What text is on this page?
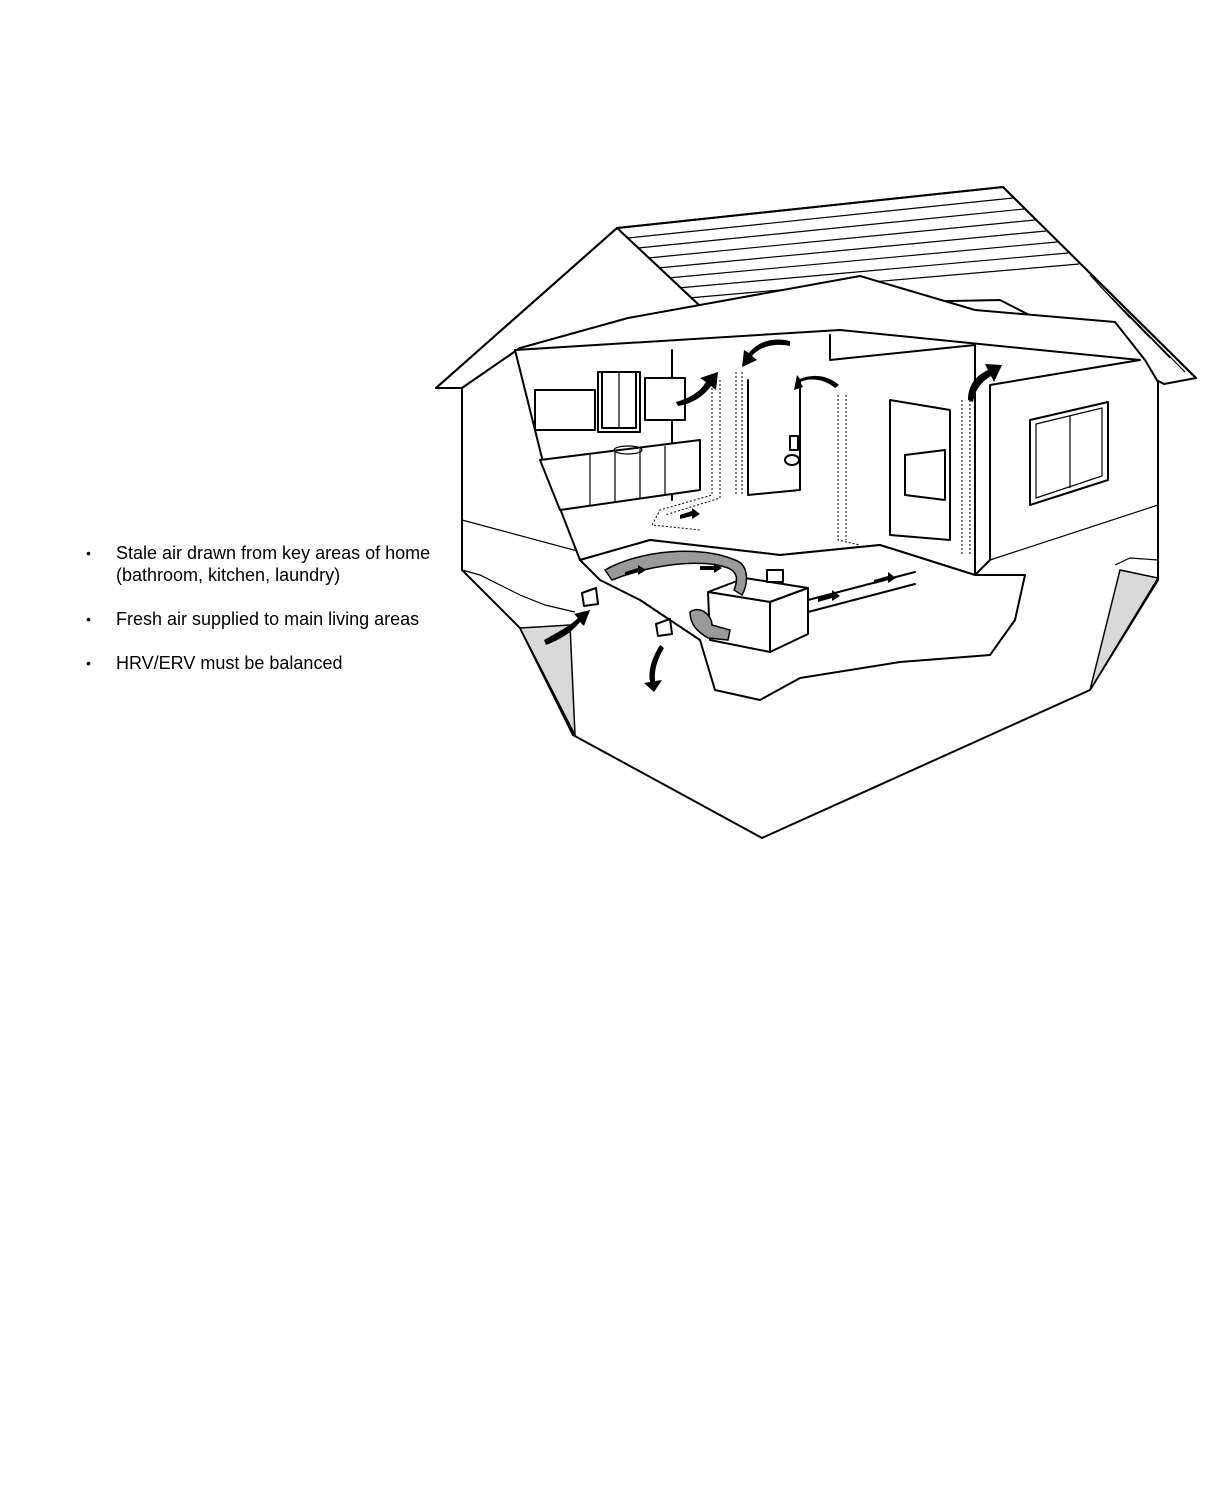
• Stale air drawn from key areas of home (bathroom, kitchen, laundry)
• Fresh air supplied to main living areas
• HRV/ERV must be balanced
